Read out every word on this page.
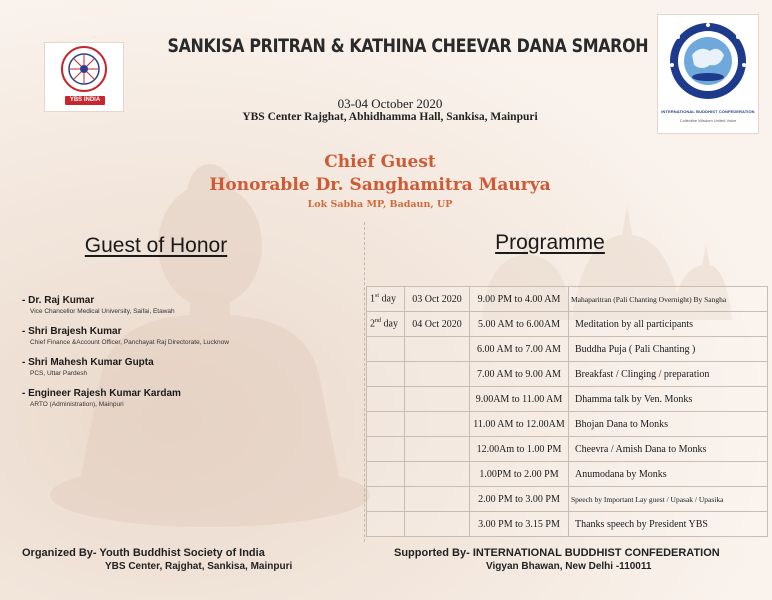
YBS INDIA
INTERNATIONAL BUDDHIST CONFEDERATION
Collective Wisdom United Voice
SANKISA PRITRAN & KATHINA CHEEVAR DANA SMAROH
03-04 October 2020
YBS Center Rajghat, Abhidhamma Hall, Sankisa, Mainpuri
Chief Guest
Honorable Dr. Sanghamitra Maurya
Lok Sabha MP, Badaun, UP
Guest of Honor	Programme
- Dr. Raj Kumar
Vice Chancellor Medical University, Saifai, Etawah
- Shri Brajesh Kumar
Chief Finance &Account Officer, Panchayat Raj Directorate, Lucknow
- Shri Mahesh Kumar Gupta
PCS, Uttar Pardesh
- Engineer Rajesh Kumar Kardam
ARTO (Administration), Mainpuri
1st day	03 Oct 2020	9.00 PM to 4.00 AM	Mahaparitran (Pali Chanting Overnight) By Sangha
2nd day	04 Oct 2020	5.00 AM to 6.00AM	Meditation by all participants
		6.00 AM to 7.00 AM	Buddha Puja ( Pali Chanting )
		7.00 AM to 9.00 AM	Breakfast / Clinging / preparation
		9.00AM to 11.00 AM	Dhamma talk by Ven. Monks
		11.00 AM to 12.00AM	Bhojan Dana to Monks
		12.00Am to 1.00 PM	Cheevra / Amish Dana to Monks
		1.00PM to 2.00 PM	Anumodana by Monks
		2.00 PM to 3.00 PM	Speech by Important Lay guest / Upasak / Upasika
		3.00 PM to 3.15 PM	Thanks speech by President YBS
Organized By- Youth Buddhist Society of India
YBS Center, Rajghat, Sankisa, Mainpuri
Supported By- INTERNATIONAL BUDDHIST CONFEDERATION
Vigyan Bhawan, New Delhi -110011
